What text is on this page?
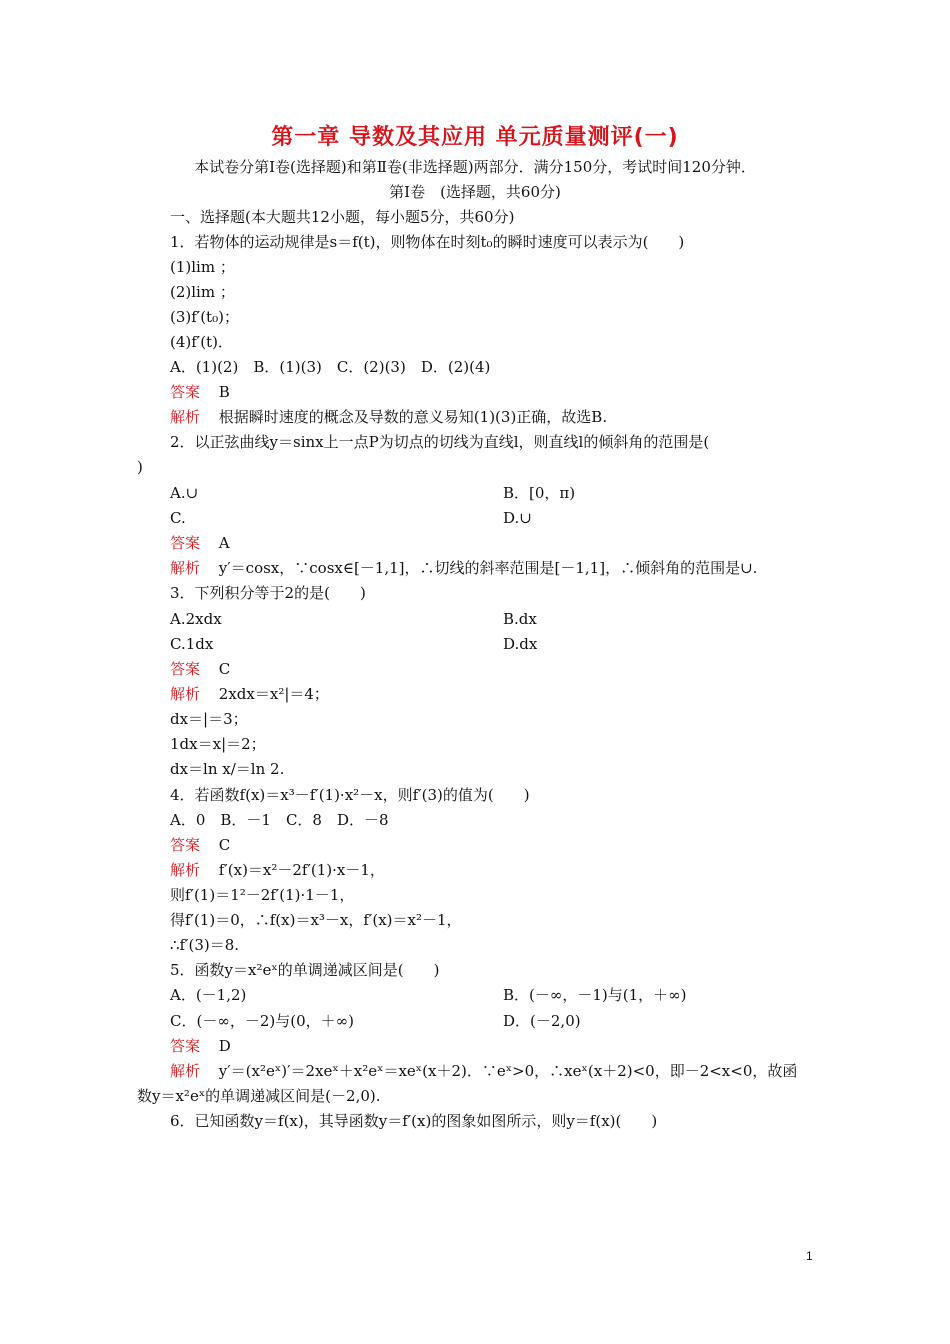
第一章 导数及其应用 单元质量测评(一)
本试卷分第Ⅰ卷(选择题)和第Ⅱ卷(非选择题)两部分．满分150分，考试时间120分钟．
第Ⅰ卷　(选择题，共60分)
一、选择题(本大题共12小题，每小题5分，共60分)
1．若物体的运动规律是s＝f(t)，则物体在时刻t₀的瞬时速度可以表示为(　　)
(1)lim ；
(2)lim ；
(3)f′(t₀)；
(4)f′(t)．
A．(1)(2)　B．(1)(3)　C．(2)(3)　D．(2)(4)
答案 B
解析 根据瞬时速度的概念及导数的意义易知(1)(3)正确，故选B.
2．以正弦曲线y＝sinx上一点P为切点的切线为直线l，则直线l的倾斜角的范围是(
)
A.∪	B．[0，π)
C.	D.∪
答案 A
解析 y′＝cosx，∵cosx∈[－1,1]，∴切线的斜率范围是[－1,1]，∴倾斜角的范围是∪.
3．下列积分等于2的是(　　)
A.2xdx	B.dx
C.1dx	D.dx
答案 C
解析 2xdx＝x²|＝4；
dx＝|＝3；
1dx＝x|＝2；
dx＝ln x/＝ln 2.
4．若函数f(x)＝x³－f′(1)·x²－x，则f′(3)的值为(　　)
A．0　B．－1　C．8　D．－8
答案 C
解析 f′(x)＝x²－2f′(1)·x－1，
则f′(1)＝1²－2f′(1)·1－1，
得f′(1)＝0，∴f(x)＝x³－x，f′(x)＝x²－1，
∴f′(3)＝8.
5．函数y＝x²eˣ的单调递减区间是(　　)
A．(－1,2)	B．(－∞，－1)与(1，＋∞)
C．(－∞，－2)与(0，＋∞)	D．(－2,0)
答案 D
解析 y′＝(x²eˣ)′＝2xeˣ＋x²eˣ＝xeˣ(x＋2)．∵eˣ>0，∴xeˣ(x＋2)<0，即－2<x<0，故函
数y＝x²eˣ的单调递减区间是(－2,0).
6．已知函数y＝f(x)，其导函数y＝f′(x)的图象如图所示，则y＝f(x)(　　)
1
